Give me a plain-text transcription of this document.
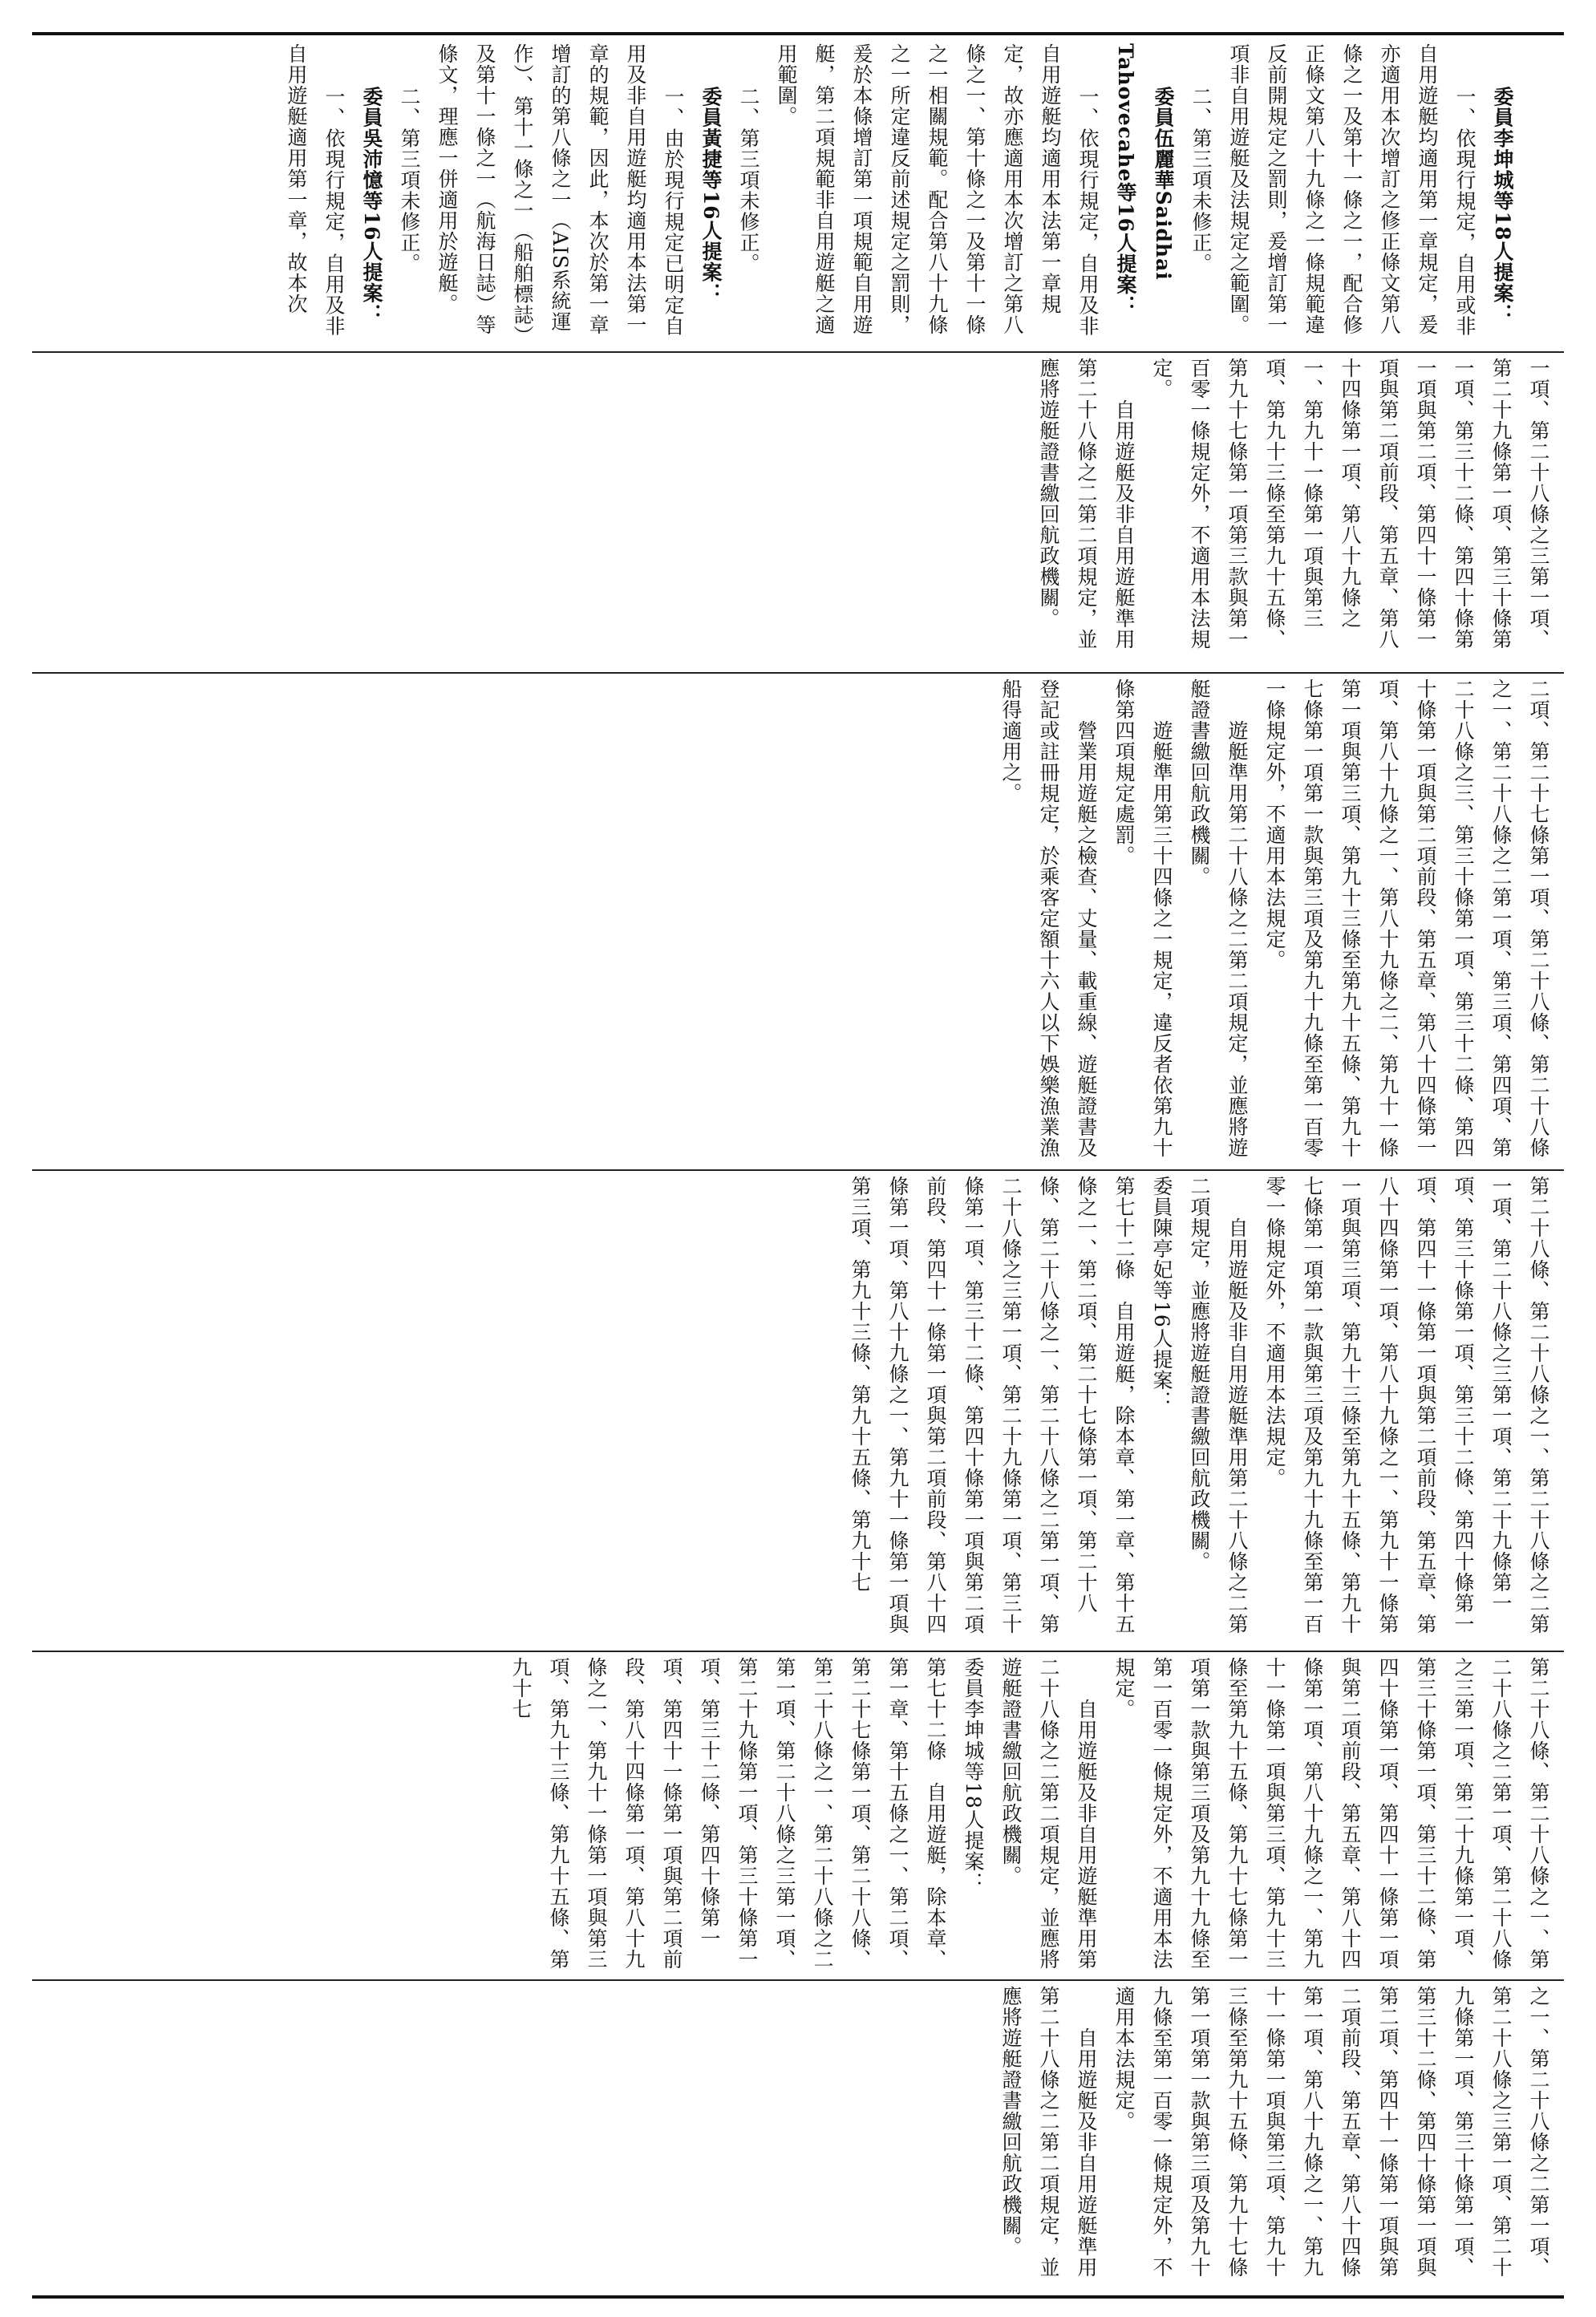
委員李坤城等18人提案：
一、依現行規定，自用或非自用遊艇均適用第一章規定，爰亦適用本次增訂之修正條文第八條之一及第十一條之一，配合修正條文第八十九條之一條規範違反前開規定之罰則，爰增訂第一項非自用遊艇及法規定之範圍。
二、第三項未修正。
委員伍麗華Saidhai Tahovecahe等16人提案：
一、依現行規定，自用及非自用遊艇均適用本法第一章規定，故亦應適用本次增訂之第八條之一、第十條之一及第十一條之一相關規範。配合第八十九條之一所定違反前述規定之罰則，爰於本條增訂第一項規範自用遊艇，第二項規範非自用遊艇之適用範圍。
二、第三項未修正。
委員黃捷等16人提案：
一、由於現行規定已明定自用及非自用遊艇均適用本法第一章的規範，因此，本次於第一章增訂的第八條之一（AIS系統運作）、第十一條之一（船舶標誌）及第十一條之一（航海日誌）等條文，理應一併適用於遊艇。
二、第三項未修正。
委員吳沛憶等16人提案：
一、依現行規定，自用及非自用遊艇適用第一章，故本次

一項、第二十八條之三第一項、第二十九條第一項、第三十條第一項、第三十二條、第四十條第一項與第二項、第四十一條第一項與第二項前段、第五章、第八十四條第一項、第八十九條之一、第九十一條第一項與第三項、第九十三條至第九十五條、第九十七條第一項第三款與第一百零一條規定外，不適用本法規定。
　　自用遊艇及非自用遊艇準用第二十八條之二第二項規定，並應將遊艇證書繳回航政機關。
二項、第二十七條第一項、第二十八條、第二十八條之一、第二十八條之二第一項、第三項、第四項、第二十八條之三、第三十條第一項、第三十二條、第四十條第一項與第二項前段、第五章、第八十四條第一項、第八十九條之一、第八十九條之二、第九十一條第一項與第三項、第九十三條至第九十五條、第九十七條第一項第一款與第三項及第九十九條至第一百零一條規定外，不適用本法規定。
　　遊艇準用第二十八條之二第二項規定，並應將遊艇證書繳回航政機關。
　　遊艇準用第三十四條之一規定，違反者依第九十條第四項規定處罰。
　　營業用遊艇之檢查、丈量、載重線、遊艇證書及登記或註冊規定，於乘客定額十六人以下娛樂漁業漁船得適用之。
第二十八條、第二十八條之一、第二十八條之二第一項、第二十八條之三第一項、第二十九條第一項、第三十條第一項、第三十二條、第四十條第一項、第四十一條第一項與第二項前段、第五章、第八十四條第一項、第八十九條之一、第九十一條第一項與第三項、第九十三條至第九十五條、第九十七條第一項第一款與第三項及第九十九條至第一百零一條規定外，不適用本法規定。
　　自用遊艇及非自用遊艇準用第二十八條之二第二項規定，並應將遊艇證書繳回航政機關。
委員陳亭妃等16人提案：
第七十二條　自用遊艇，除本章、第一章、第十五條之一、第二項、第二十七條第一項、第二十八條、第二十八條之一、第二十八條之二第一項、第二十八條之三第一項、第二十九條第一項、第三十條第一項、第三十二條、第四十條第一項與第二項前段、第四十一條第一項與第二項前段、第八十四條第一項、第八十九條之一、第九十一條第一項與第三項、第九十三條、第九十五條、第九十七
第二十八條、第二十八條之一、第二十八條之二第一項、第二十八條之三第一項、第二十九條第一項、第三十條第一項、第三十二條、第四十條第一項、第四十一條第一項與第二項前段、第五章、第八十四條第一項、第八十九條之一、第九十一條第一項與第三項、第九十三條至第九十五條、第九十七條第一項第一款與第三項及第九十九條至第一百零一條規定外，不適用本法規定。
　　自用遊艇及非自用遊艇準用第二十八條之二第二項規定，並應將遊艇證書繳回航政機關。
委員李坤城等18人提案：
第七十二條　自用遊艇，除本章、第一章、第十五條之一、第二項、第二十七條第一項、第二十八條、第二十八條之一、第二十八條之二第一項、第二十八條之三第一項、第二十九條第一項、第三十條第一項、第三十二條、第四十條第一項、第四十一條第一項與第二項前段、第八十四條第一項、第八十九條之一、第九十一條第一項與第三項、第九十三條、第九十五條、第九十七
之一、第二十八條之二第一項、第二十八條之三第一項、第二十九條第一項、第三十條第一項、第三十二條、第四十條第一項與第二項、第四十一條第一項與第二項前段、第五章、第八十四條第一項、第八十九條之一、第九十一條第一項與第三項、第九十三條至第九十五條、第九十七條第一項第一款與第三項及第九十九條至第一百零一條規定外，不適用本法規定。
　　自用遊艇及非自用遊艇準用第二十八條之二第二項規定，並應將遊艇證書繳回航政機關。
